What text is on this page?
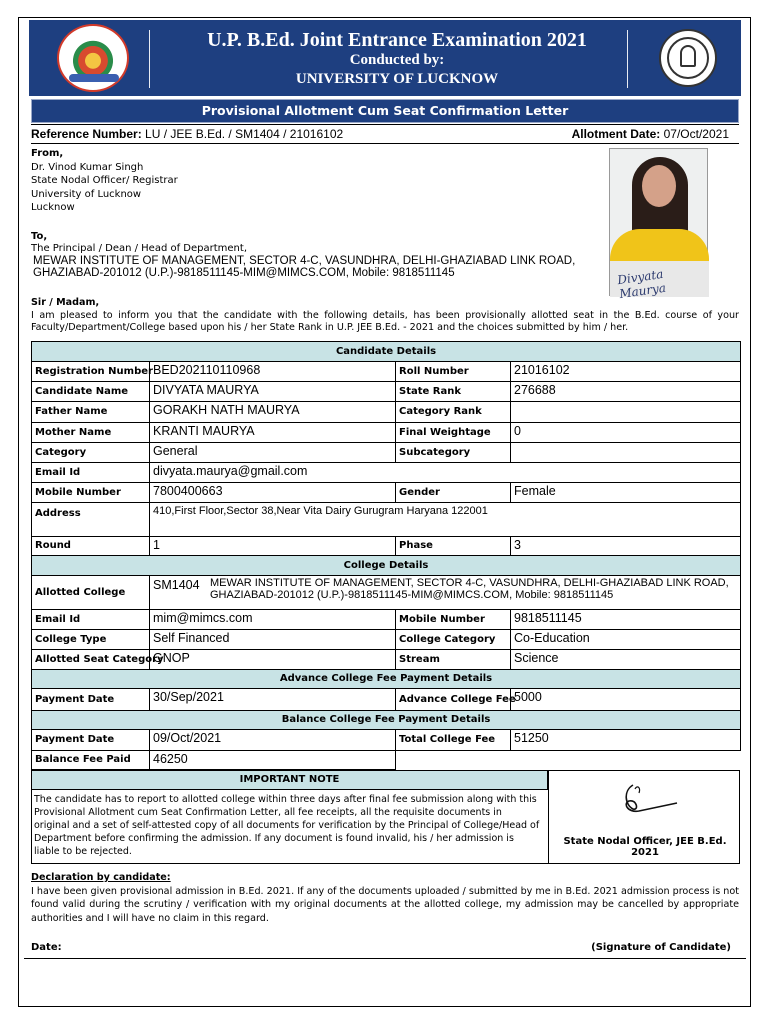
U.P. B.Ed. Joint Entrance Examination 2021
Conducted by:
UNIVERSITY OF LUCKNOW
Provisional Allotment Cum Seat Confirmation Letter
Reference Number: LU / JEE B.Ed. / SM1404 / 21016102	Allotment Date: 07/Oct/2021
From,
Dr. Vinod Kumar Singh
State Nodal Officer/ Registrar
University of Lucknow
Lucknow
To,
The Principal / Dean / Head of Department,
MEWAR INSTITUTE OF MANAGEMENT, SECTOR 4-C, VASUNDHRA, DELHI-GHAZIABAD LINK ROAD,
GHAZIABAD-201012 (U.P.)-9818511145-MIM@MIMCS.COM, Mobile: 9818511145	Divyata Maurya
Sir / Madam,
I am pleased to inform you that the candidate with the following details, has been provisionally allotted seat in the B.Ed. course of your Faculty/Department/College based upon his / her State Rank in U.P. JEE B.Ed. - 2021 and the choices submitted by him / her.
Candidate Details			
Registration Number	BED202110110968	Roll Number	21016102
Candidate Name	DIVYATA MAURYA	State Rank	276688
Father Name	GORAKH NATH MAURYA	Category Rank	
Mother Name	KRANTI MAURYA	Final Weightage	0
Category	General	Subcategory	
Email Id	divyata.maurya@gmail.com		
Mobile Number	7800400663	Gender	Female
Address	410,First Floor,Sector 38,Near Vita Dairy Gurugram Haryana 122001		
Round	1	Phase	3
College Details			
Allotted College	SM1404 MEWAR INSTITUTE OF MANAGEMENT, SECTOR 4-C, VASUNDHRA, DELHI-GHAZIABAD LINK ROAD, GHAZIABAD-201012 (U.P.)-9818511145-MIM@MIMCS.COM, Mobile: 9818511145		

Email Id	mim@mimcs.com	Mobile Number	9818511145
College Type	Self Financed	College Category	Co-Education
Allotted Seat Category	GNOP	Stream	Science
Advance College Fee Payment Details			
Payment Date	30/Sep/2021	Advance College Fee	5000
Balance College Fee Payment Details			
Payment Date	09/Oct/2021	Total College Fee	51250
Balance Fee Paid	46250		
IMPORTANT NOTE
The candidate has to report to allotted college within three days after final fee submission along with this Provisional Allotment cum Seat Confirmation Letter, all fee receipts, all the requisite documents in original and a set of self-attested copy of all documents for verification by the Principal of College/Head of Department before confirming the admission. If any document is found invalid, his / her admission is liable to be rejected.
State Nodal Officer, JEE B.Ed. 2021
Declaration by candidate:
I have been given provisional admission in B.Ed. 2021. If any of the documents uploaded / submitted by me in B.Ed. 2021 admission process is not found valid during the scrutiny / verification with my original documents at the allotted college, my admission may be cancelled by appropriate authorities and I will have no claim in this regard.
Date:	(Signature of Candidate)
